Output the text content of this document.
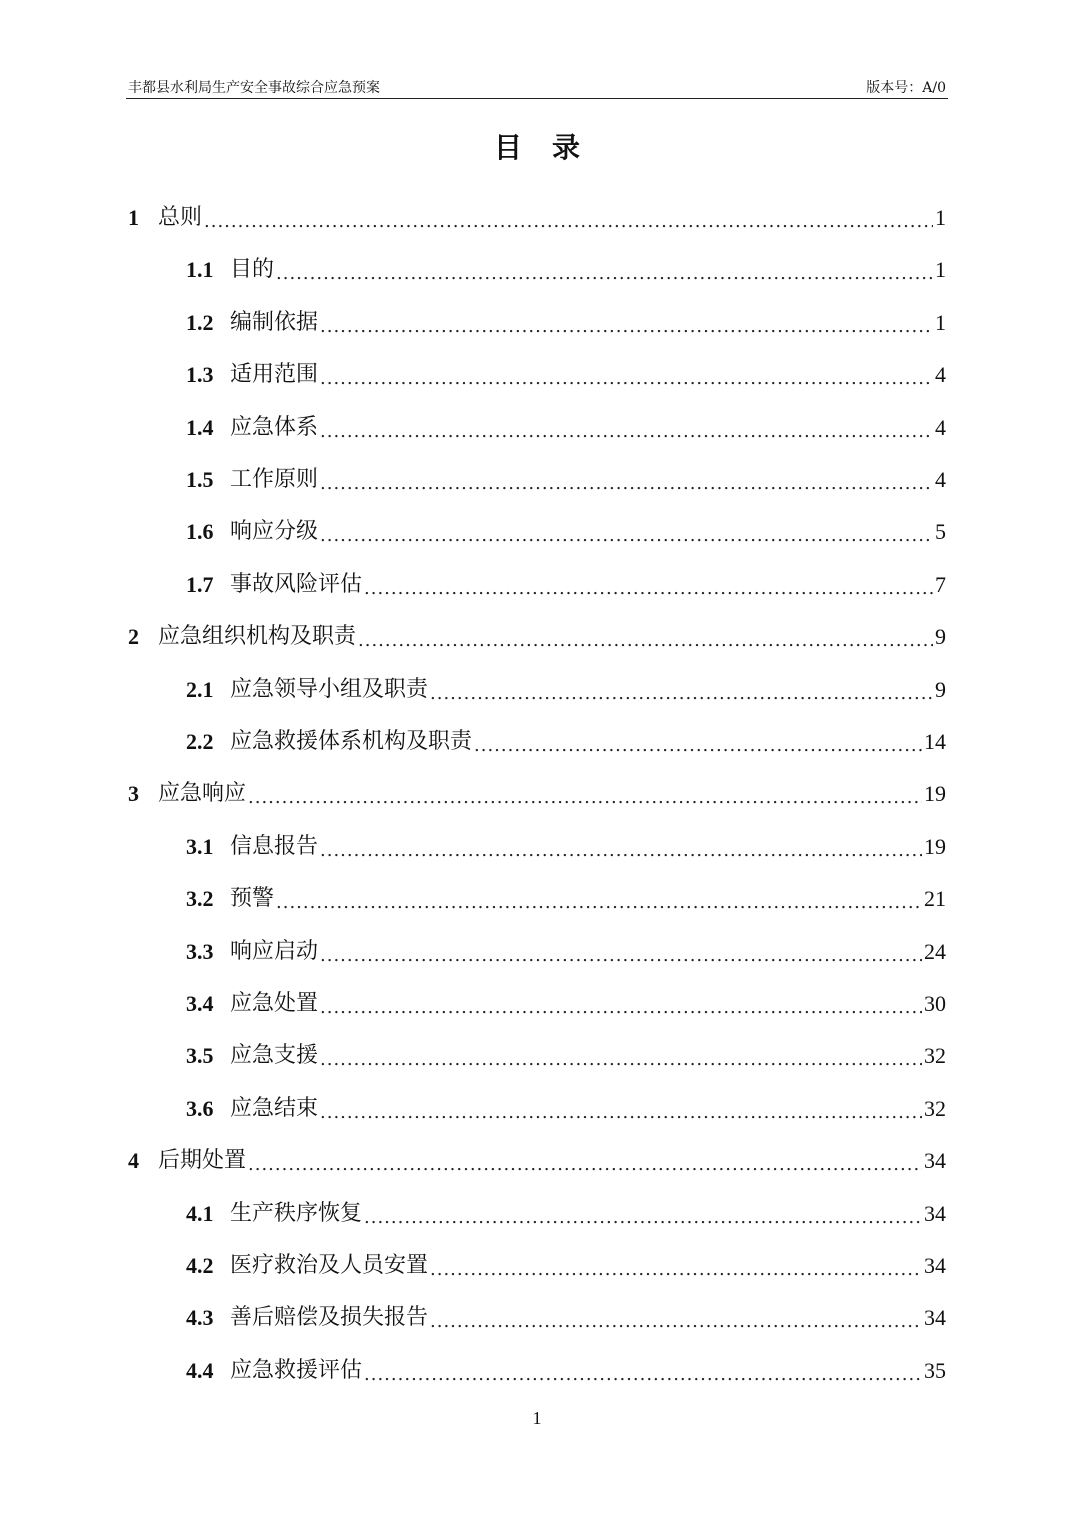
丰都县水利局生产安全事故综合应急预案	版本号：A/0
目录
1 总则 .....	1
1.1 目的 .....	1
1.2 编制依据 .....	1
1.3 适用范围 .....	4
1.4 应急体系 .....	4
1.5 工作原则 .....	4
1.6 响应分级 .....	5
1.7 事故风险评估 .....	7
2 应急组织机构及职责 .....	9
2.1 应急领导小组及职责 .....	9
2.2 应急救援体系机构及职责 .....	14
3 应急响应 .....	19
3.1 信息报告 .....	19
3.2 预警 .....	21
3.3 响应启动 .....	24
3.4 应急处置 .....	30
3.5 应急支援 .....	32
3.6 应急结束 .....	32
4 后期处置 .....	34
4.1 生产秩序恢复 .....	34
4.2 医疗救治及人员安置 .....	34
4.3 善后赔偿及损失报告 .....	34
4.4 应急救援评估 .....	35
1
